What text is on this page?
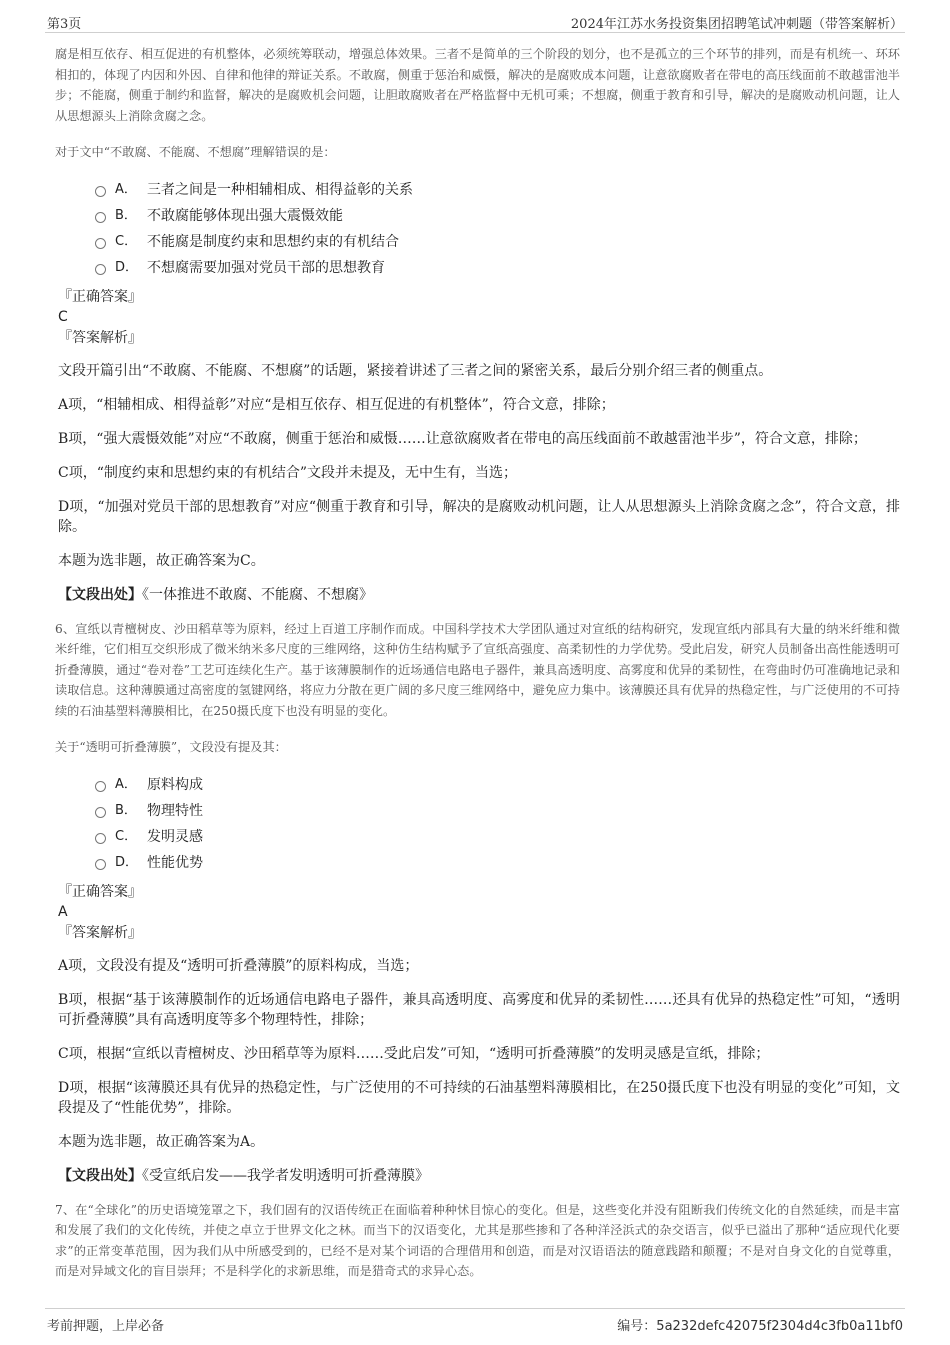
第3页	2024年江苏水务投资集团招聘笔试冲刺题（带答案解析）

腐是相互依存、相互促进的有机整体，必须统筹联动，增强总体效果。三者不是简单的三个阶段的划分，也不是孤立的三个环节的排列，而是有机统一、环环相扣的，体现了内因和外因、自律和他律的辩证关系。不敢腐，侧重于惩治和威慑，解决的是腐败成本问题，让意欲腐败者在带电的高压线面前不敢越雷池半步；不能腐，侧重于制约和监督，解决的是腐败机会问题，让胆敢腐败者在严格监督中无机可乘；不想腐，侧重于教育和引导，解决的是腐败动机问题，让人从思想源头上消除贪腐之念。

对于文中“不敢腐、不能腐、不想腐”理解错误的是：

A． 三者之间是一种相辅相成、相得益彰的关系
B． 不敢腐能够体现出强大震慑效能
C． 不能腐是制度约束和思想约束的有机结合
D． 不想腐需要加强对党员干部的思想教育
『正确答案』
C
『答案解析』

文段开篇引出“不敢腐、不能腐、不想腐”的话题，紧接着讲述了三者之间的紧密关系，最后分别介绍三者的侧重点。

A项，“相辅相成、相得益彰”对应“是相互依存、相互促进的有机整体”，符合文意，排除；

B项，“强大震慑效能”对应“不敢腐，侧重于惩治和威慑……让意欲腐败者在带电的高压线面前不敢越雷池半步”，符合文意，排除；

C项，“制度约束和思想约束的有机结合”文段并未提及，无中生有，当选；

D项，“加强对党员干部的思想教育”对应“侧重于教育和引导，解决的是腐败动机问题，让人从思想源头上消除贪腐之念”，符合文意，排除。

本题为选非题，故正确答案为C。

【文段出处】《一体推进不敢腐、不能腐、不想腐》

6、宣纸以青檀树皮、沙田稻草等为原料，经过上百道工序制作而成。中国科学技术大学团队通过对宣纸的结构研究，发现宣纸内部具有大量的纳米纤维和微米纤维，它们相互交织形成了微米纳米多尺度的三维网络，这种仿生结构赋予了宣纸高强度、高柔韧性的力学优势。受此启发，研究人员制备出高性能透明可折叠薄膜，通过“卷对卷”工艺可连续化生产。基于该薄膜制作的近场通信电路电子器件，兼具高透明度、高雾度和优异的柔韧性，在弯曲时仍可准确地记录和读取信息。这种薄膜通过高密度的氢键网络，将应力分散在更广阔的多尺度三维网络中，避免应力集中。该薄膜还具有优异的热稳定性，与广泛使用的不可持续的石油基塑料薄膜相比，在250摄氏度下也没有明显的变化。

关于“透明可折叠薄膜”，文段没有提及其：

A． 原料构成
B． 物理特性
C． 发明灵感
D． 性能优势
『正确答案』
A
『答案解析』

A项，文段没有提及“透明可折叠薄膜”的原料构成，当选；

B项，根据“基于该薄膜制作的近场通信电路电子器件，兼具高透明度、高雾度和优异的柔韧性……还具有优异的热稳定性”可知，“透明可折叠薄膜”具有高透明度等多个物理特性，排除；

C项，根据“宣纸以青檀树皮、沙田稻草等为原料……受此启发”可知，“透明可折叠薄膜”的发明灵感是宣纸，排除；

D项，根据“该薄膜还具有优异的热稳定性，与广泛使用的不可持续的石油基塑料薄膜相比，在250摄氏度下也没有明显的变化”可知，文段提及了“性能优势”，排除。

本题为选非题，故正确答案为A。

【文段出处】《受宣纸启发——我学者发明透明可折叠薄膜》

7、在“全球化”的历史语境笼罩之下，我们固有的汉语传统正在面临着种种怵目惊心的变化。但是，这些变化并没有阻断我们传统文化的自然延续，而是丰富和发展了我们的文化传统，并使之卓立于世界文化之林。而当下的汉语变化，尤其是那些掺和了各种洋泾浜式的杂交语言，似乎已溢出了那种“适应现代化要求”的正常变革范围，因为我们从中所感受到的，已经不是对某个词语的合理借用和创造，而是对汉语语法的随意践踏和颠覆；不是对自身文化的自觉尊重，而是对异域文化的盲目崇拜；不是科学化的求新思维，而是猎奇式的求异心态。

考前押题，上岸必备	编号：5a232defc42075f2304d4c3fb0a11bf0
